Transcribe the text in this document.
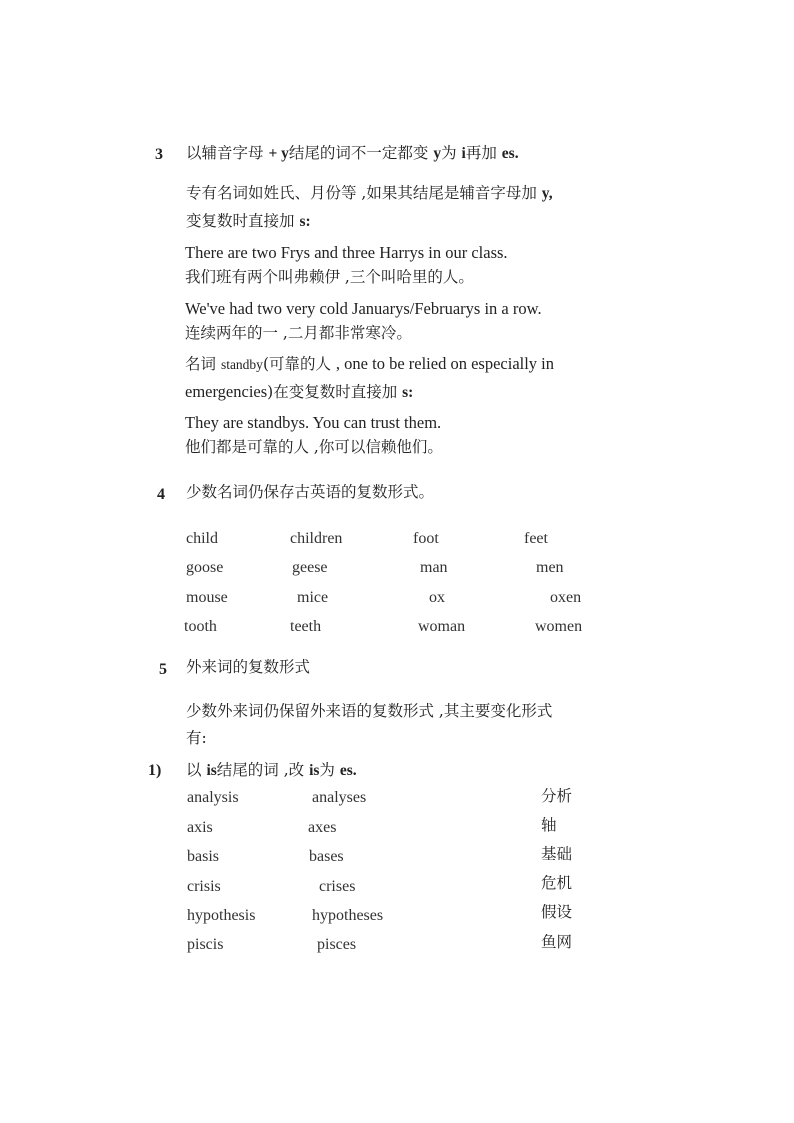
3 以辅音字母 + y结尾的词不一定都变 y为 i再加 es.
专有名词如姓氏、月份等 ,如果其结尾是辅音字母加 y,
变复数时直接加 s:
There are two Frys and three Harrys in our class.
我们班有两个叫弗赖伊 ,三个叫哈里的人。
We've had two very cold Januarys/Februarys in a row.
连续两年的一 ,二月都非常寒冷。
名词 standby(可靠的人 , one to be relied on especially in
emergencies)在变复数时直接加 s:
They are standbys. You can trust them.
他们都是可靠的人 ,你可以信赖他们。
4 少数名词仍保存古英语的复数形式。
child	children	foot	feet
goose	geese	man	men
mouse	mice	ox	oxen
tooth	teeth	woman	women
5 外来词的复数形式
少数外来词仍保留外来语的复数形式 ,其主要变化形式
有:
1) 以 is结尾的词 ,改 is为 es.
analysis	analyses	分析
axis	axes	轴
basis	bases	基础
crisis	crises	危机
hypothesis	hypotheses	假设
piscis	pisces	鱼网
